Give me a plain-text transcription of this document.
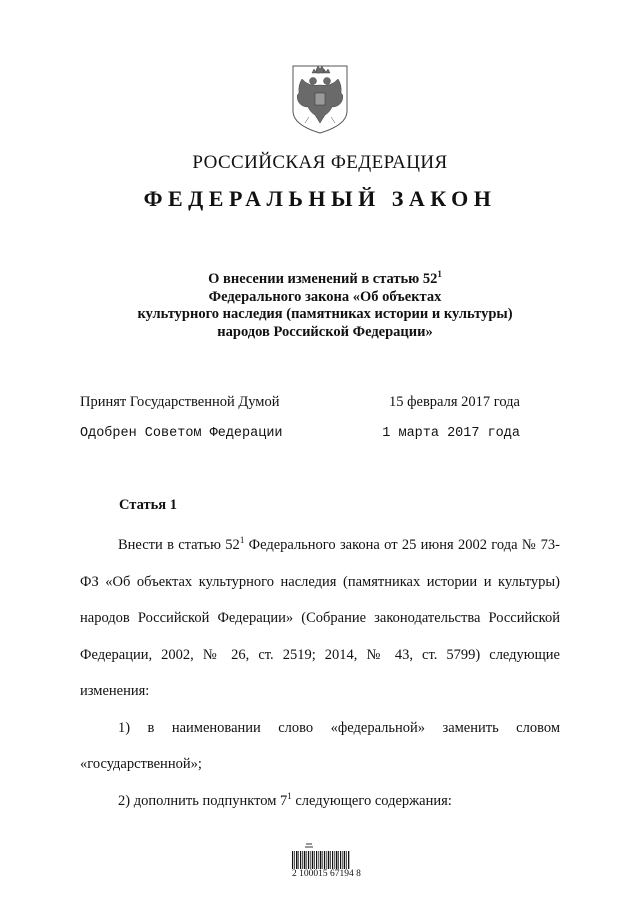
РОССИЙСКАЯ ФЕДЕРАЦИЯ
ФЕДЕРАЛЬНЫЙ ЗАКОН
О внесении изменений в статью $52^1$
Федерального закона «Об объектах
культурного наследия (памятниках истории и культуры)
народов Российской Федерации»
Принят Государственной Думой	15 февраля 2017 года
Одобрен Советом Федерации	1 марта 2017 года
Статья 1

Внести в статью $52^1$ Федерального закона от 25 июня 2002 года № 73-ФЗ «Об объектах культурного наследия (памятниках истории и культуры) народов Российской Федерации» (Собрание законодательства Российской Федерации, 2002, № 26, ст. 2519; 2014, № 43, ст. 5799) следующие изменения:

1) в наименовании слово «федеральной» заменить словом «государственной»;

2) дополнить подпунктом $7^1$ следующего содержания:

2 100015 67194 8
